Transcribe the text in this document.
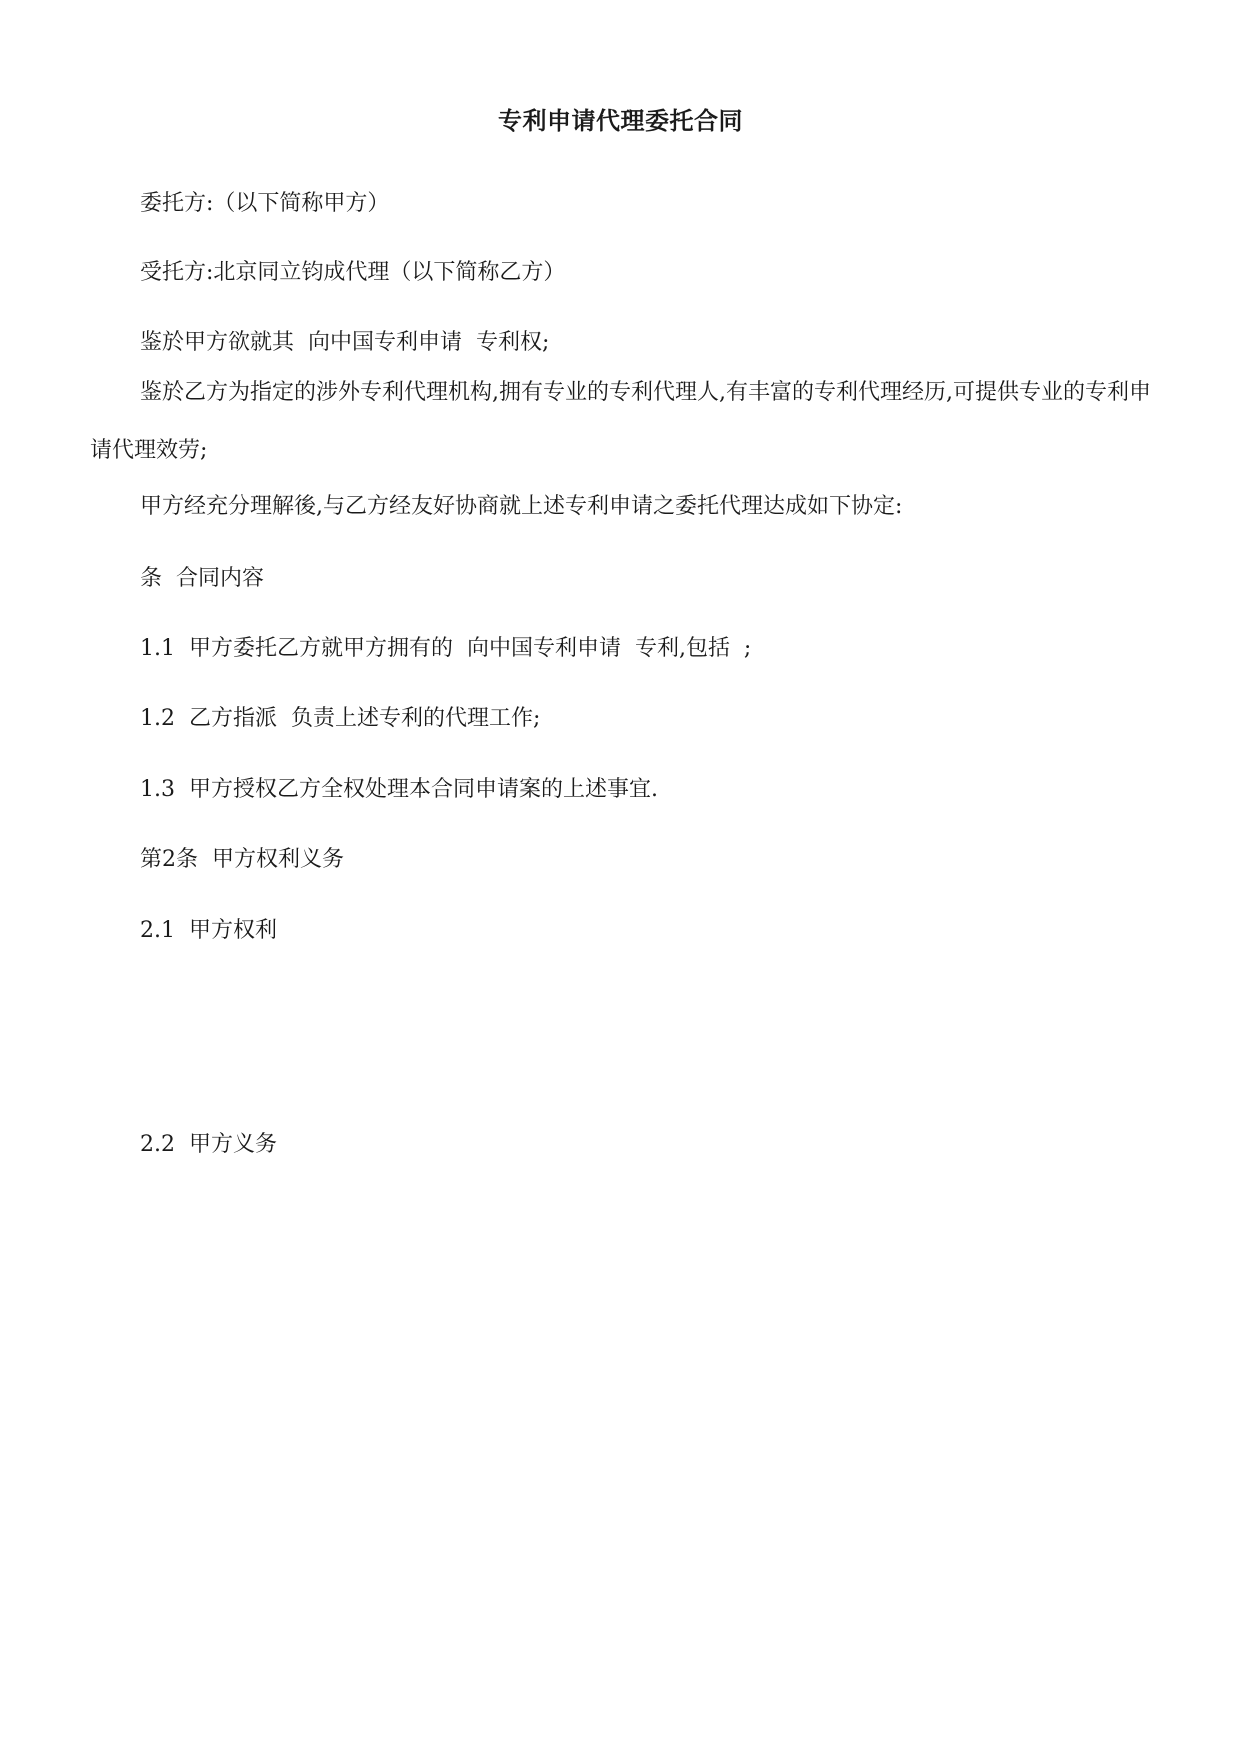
专利申请代理委托合同
委托方:（以下简称甲方）
受托方:北京同立钧成代理（以下简称乙方）
鉴於甲方欲就其  向中国专利申请  专利权;
鉴於乙方为指定的涉外专利代理机构,拥有专业的专利代理人,有丰富的专利代理经历,可提供专业的专利申请代理效劳;
甲方经充分理解後,与乙方经友好协商就上述专利申请之委托代理达成如下协定:
条  合同内容
1.1  甲方委托乙方就甲方拥有的  向中国专利申请  专利,包括  ;
1.2  乙方指派  负责上述专利的代理工作;
1.3  甲方授权乙方全权处理本合同申请案的上述事宜.
第2条  甲方权利义务
2.1  甲方权利
2.2  甲方义务
